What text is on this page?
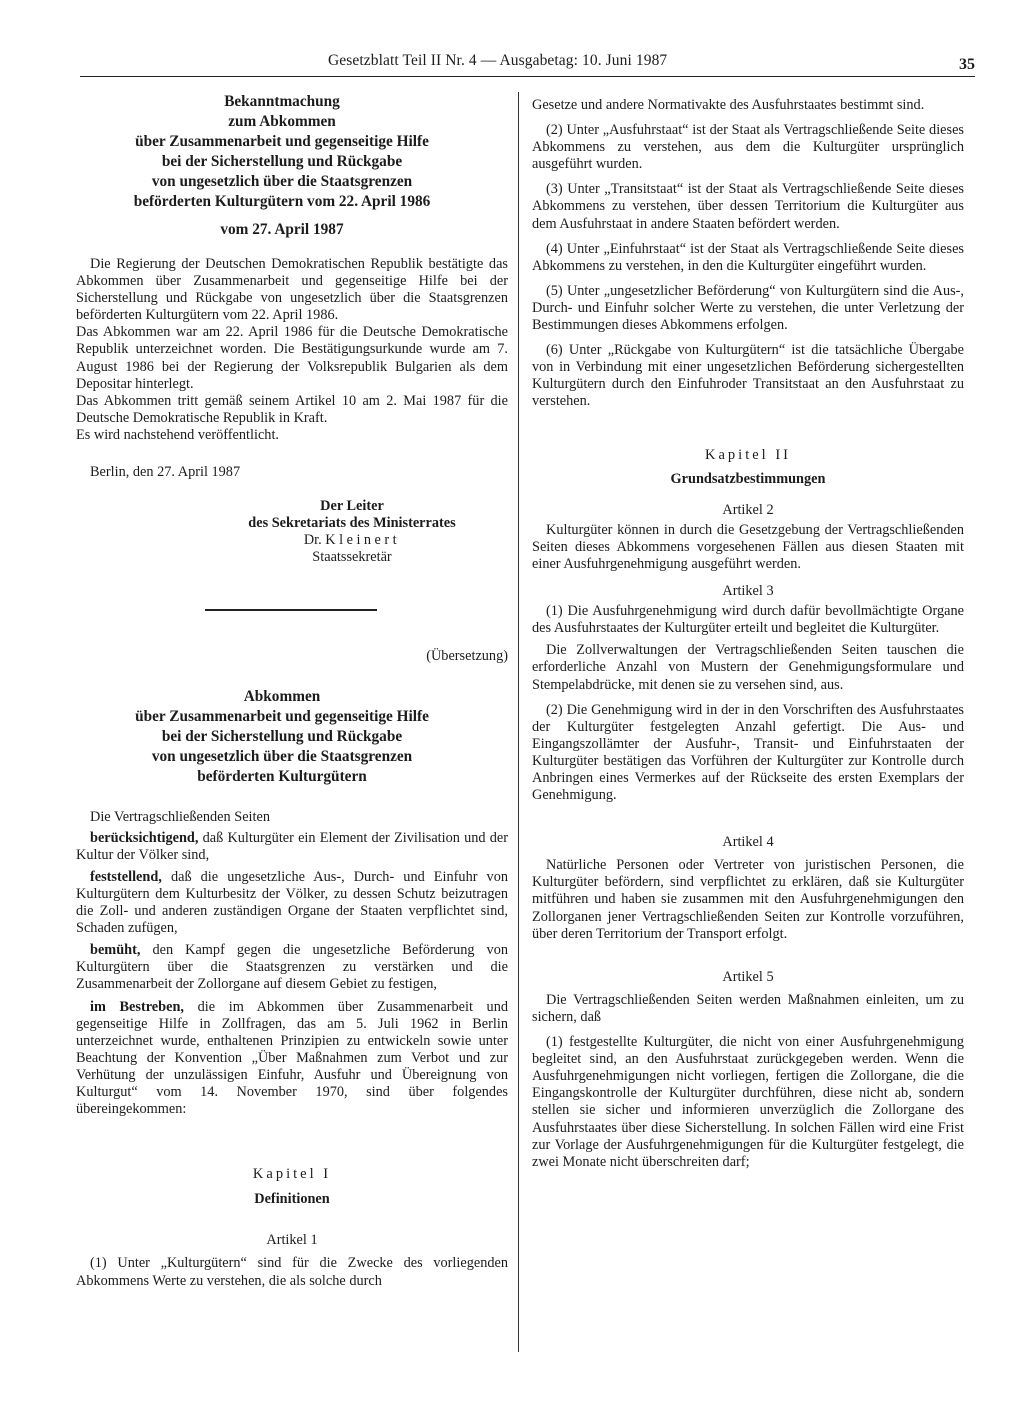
Gesetzblatt Teil II Nr. 4 — Ausgabetag: 10. Juni 1987	35
Bekanntmachung
zum Abkommen
über Zusammenarbeit und gegenseitige Hilfe
bei der Sicherstellung und Rückgabe
von ungesetzlich über die Staatsgrenzen
beförderten Kulturgütern vom 22. April 1986
vom 27. April 1987

Die Regierung der Deutschen Demokratischen Republik bestätigte das Abkommen über Zusammenarbeit und gegenseitige Hilfe bei der Sicherstellung und Rückgabe von ungesetzlich über die Staatsgrenzen beförderten Kulturgütern vom 22. April 1986.

Das Abkommen war am 22. April 1986 für die Deutsche Demokratische Republik unterzeichnet worden. Die Bestätigungsurkunde wurde am 7. August 1986 bei der Regierung der Volksrepublik Bulgarien als dem Depositar hinterlegt.

Das Abkommen tritt gemäß seinem Artikel 10 am 2. Mai 1987 für die Deutsche Demokratische Republik in Kraft.

Es wird nachstehend veröffentlicht.

Berlin, den 27. April 1987

Der Leiter
des Sekretariats des Ministerrates
Dr. Kleinert
Staatssekretär

(Übersetzung)

Abkommen
über Zusammenarbeit und gegenseitige Hilfe
bei der Sicherstellung und Rückgabe
von ungesetzlich über die Staatsgrenzen
beförderten Kulturgütern

Die Vertragschließenden Seiten

berücksichtigend, daß Kulturgüter ein Element der Zivilisation und der Kultur der Völker sind,

feststellend, daß die ungesetzliche Aus-, Durch- und Einfuhr von Kulturgütern dem Kulturbesitz der Völker, zu dessen Schutz beizutragen die Zoll- und anderen zuständigen Organe der Staaten verpflichtet sind, Schaden zufügen,

bemüht, den Kampf gegen die ungesetzliche Beförderung von Kulturgütern über die Staatsgrenzen zu verstärken und die Zusammenarbeit der Zollorgane auf diesem Gebiet zu festigen,

im Bestreben, die im Abkommen über Zusammenarbeit und gegenseitige Hilfe in Zollfragen, das am 5. Juli 1962 in Berlin unterzeichnet wurde, enthaltenen Prinzipien zu entwickeln sowie unter Beachtung der Konvention „Über Maßnahmen zum Verbot und zur Verhütung der unzulässigen Einfuhr, Ausfuhr und Übereignung von Kulturgut“ vom 14. November 1970, sind über folgendes übereingekommen:

Kapitel I
Definitionen
Artikel 1

(1) Unter „Kulturgütern“ sind für die Zwecke des vorliegenden Abkommens Werte zu verstehen, die als solche durch

Gesetze und andere Normativakte des Ausfuhrstaates bestimmt sind.

(2) Unter „Ausfuhrstaat“ ist der Staat als Vertragschließende Seite dieses Abkommens zu verstehen, aus dem die Kulturgüter ursprünglich ausgeführt wurden.

(3) Unter „Transitstaat“ ist der Staat als Vertragschließende Seite dieses Abkommens zu verstehen, über dessen Territorium die Kulturgüter aus dem Ausfuhrstaat in andere Staaten befördert werden.

(4) Unter „Einfuhrstaat“ ist der Staat als Vertragschließende Seite dieses Abkommens zu verstehen, in den die Kulturgüter eingeführt wurden.

(5) Unter „ungesetzlicher Beförderung“ von Kulturgütern sind die Aus-, Durch- und Einfuhr solcher Werte zu verstehen, die unter Verletzung der Bestimmungen dieses Abkommens erfolgen.

(6) Unter „Rückgabe von Kulturgütern“ ist die tatsächliche Übergabe von in Verbindung mit einer ungesetzlichen Beförderung sichergestellten Kulturgütern durch den Einfuhroder Transitstaat an den Ausfuhrstaat zu verstehen.

Kapitel II
Grundsatzbestimmungen
Artikel 2

Kulturgüter können in durch die Gesetzgebung der Vertragschließenden Seiten dieses Abkommens vorgesehenen Fällen aus diesen Staaten mit einer Ausfuhrgenehmigung ausgeführt werden.

Artikel 3

(1) Die Ausfuhrgenehmigung wird durch dafür bevollmächtigte Organe des Ausfuhrstaates der Kulturgüter erteilt und begleitet die Kulturgüter.

Die Zollverwaltungen der Vertragschließenden Seiten tauschen die erforderliche Anzahl von Mustern der Genehmigungsformulare und Stempelabdrücke, mit denen sie zu versehen sind, aus.

(2) Die Genehmigung wird in der in den Vorschriften des Ausfuhrstaates der Kulturgüter festgelegten Anzahl gefertigt. Die Aus- und Eingangszollämter der Ausfuhr-, Transit- und Einfuhrstaaten der Kulturgüter bestätigen das Vorführen der Kulturgüter zur Kontrolle durch Anbringen eines Vermerkes auf der Rückseite des ersten Exemplars der Genehmigung.

Artikel 4

Natürliche Personen oder Vertreter von juristischen Personen, die Kulturgüter befördern, sind verpflichtet zu erklären, daß sie Kulturgüter mitführen und haben sie zusammen mit den Ausfuhrgenehmigungen den Zollorganen jener Vertragschließenden Seiten zur Kontrolle vorzuführen, über deren Territorium der Transport erfolgt.

Artikel 5

Die Vertragschließenden Seiten werden Maßnahmen einleiten, um zu sichern, daß

(1) festgestellte Kulturgüter, die nicht von einer Ausfuhrgenehmigung begleitet sind, an den Ausfuhrstaat zurückgegeben werden. Wenn die Ausfuhrgenehmigungen nicht vorliegen, fertigen die Zollorgane, die die Eingangskontrolle der Kulturgüter durchführen, diese nicht ab, sondern stellen sie sicher und informieren unverzüglich die Zollorgane des Ausfuhrstaates über diese Sicherstellung. In solchen Fällen wird eine Frist zur Vorlage der Ausfuhrgenehmigungen für die Kulturgüter festgelegt, die zwei Monate nicht überschreiten darf;
